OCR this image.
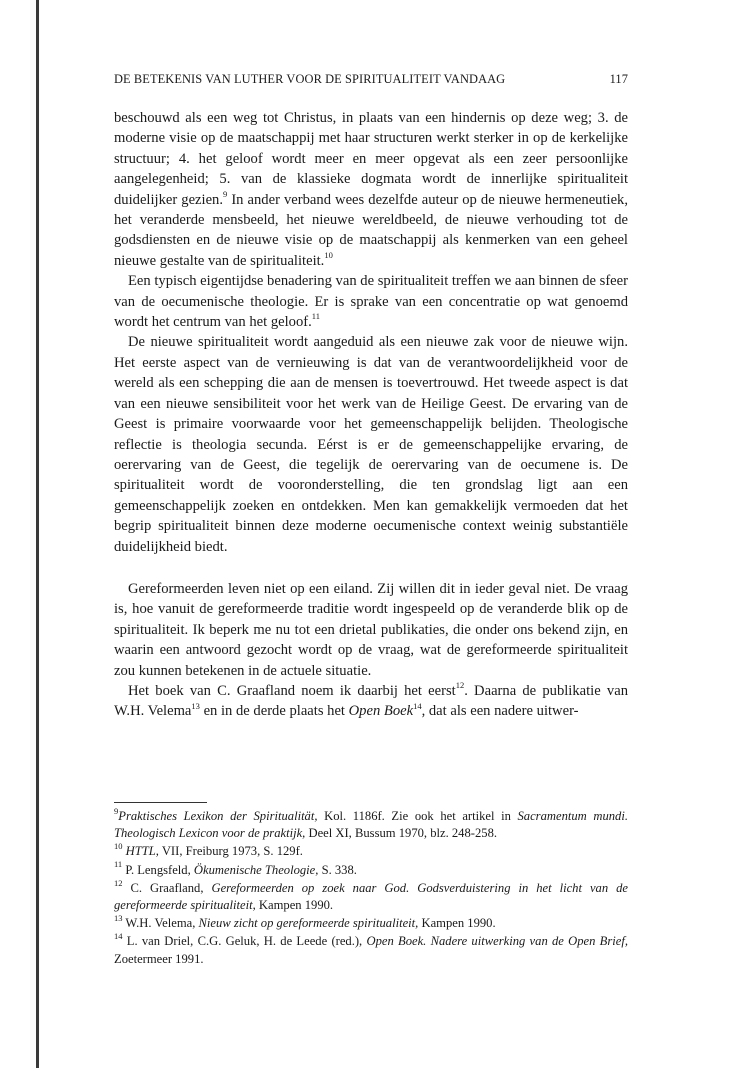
DE BETEKENIS VAN LUTHER VOOR DE SPIRITUALITEIT VANDAAG	117

beschouwd als een weg tot Christus, in plaats van een hindernis op deze weg; 3. de moderne visie op de maatschappij met haar structuren werkt sterker in op de kerkelijke structuur; 4. het geloof wordt meer en meer opgevat als een zeer persoonlijke aangelegenheid; 5. van de klassieke dogmata wordt de innerlijke spiritualiteit duidelijker gezien.$^9$ In ander verband wees dezelfde auteur op de nieuwe hermeneutiek, het veranderde mensbeeld, het nieuwe wereldbeeld, de nieuwe verhouding tot de godsdiensten en de nieuwe visie op de maatschappij als kenmerken van een geheel nieuwe gestalte van de spiritualiteit.$^{10}$

Een typisch eigentijdse benadering van de spiritualiteit treffen we aan binnen de sfeer van de oecumenische theologie. Er is sprake van een concentratie op wat genoemd wordt het centrum van het geloof.$^{11}$

De nieuwe spiritualiteit wordt aangeduid als een nieuwe zak voor de nieuwe wijn. Het eerste aspect van de vernieuwing is dat van de verantwoordelijkheid voor de wereld als een schepping die aan de mensen is toevertrouwd. Het tweede aspect is dat van een nieuwe sensibiliteit voor het werk van de Heilige Geest. De ervaring van de Geest is primaire voorwaarde voor het gemeenschappelijk belijden. Theologische reflectie is theologia secunda. Eérst is er de gemeenschappelijke ervaring, de oerervaring van de Geest, die tegelijk de oerervaring van de oecumene is. De spiritualiteit wordt de vooronderstelling, die ten grondslag ligt aan een gemeenschappelijk zoeken en ontdekken. Men kan gemakkelijk vermoeden dat het begrip spiritualiteit binnen deze moderne oecumenische context weinig substantiële duidelijkheid biedt.

Gereformeerden leven niet op een eiland. Zij willen dit in ieder geval niet. De vraag is, hoe vanuit de gereformeerde traditie wordt ingespeeld op de veranderde blik op de spiritualiteit. Ik beperk me nu tot een drietal publikaties, die onder ons bekend zijn, en waarin een antwoord gezocht wordt op de vraag, wat de gereformeerde spiritualiteit zou kunnen betekenen in de actuele situatie.

Het boek van C. Graafland noem ik daarbij het eerst$^{12}$. Daarna de publikatie van W.H. Velema$^{13}$ en in de derde plaats het Open Boek$^{14}$, dat als een nadere uitwer-

$^9$Praktisches Lexikon der Spiritualität, Kol. 1186f. Zie ook het artikel in Sacramentum mundi. Theologisch Lexicon voor de praktijk, Deel XI, Bussum 1970, blz. 248-258.

$^{10}$ HTTL, VII, Freiburg 1973, S. 129f.

$^{11}$ P. Lengsfeld, Ökumenische Theologie, S. 338.

$^{12}$ C. Graafland, Gereformeerden op zoek naar God. Godsverduistering in het licht van de gereformeerde spiritualiteit, Kampen 1990.

$^{13}$ W.H. Velema, Nieuw zicht op gereformeerde spiritualiteit, Kampen 1990.

$^{14}$ L. van Driel, C.G. Geluk, H. de Leede (red.), Open Boek. Nadere uitwerking van de Open Brief, Zoetermeer 1991.
